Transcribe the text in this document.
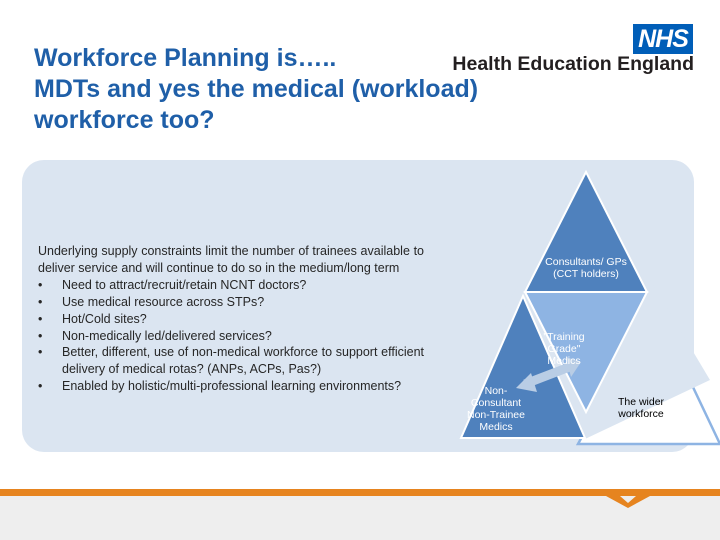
Workforce Planning is…..
MDTs and yes the medical (workload)
workforce too?
NHS
Health Education England
Underlying supply constraints limit the number of trainees available to deliver service and will continue to do so in the medium/long term
• Need to attract/recruit/retain NCNT doctors?
• Use medical resource across STPs?
• Hot/Cold sites?
• Non-medically led/delivered services?
• Better, different, use of non-medical workforce to support efficient delivery of medical rotas? (ANPs, ACPs, Pas?)
• Enabled by holistic/multi-professional learning environments?
Consultants/ GPs (CCT holders)
"Training Grade" Medics
Non-Consultant Non-Trainee Medics
The wider workforce
